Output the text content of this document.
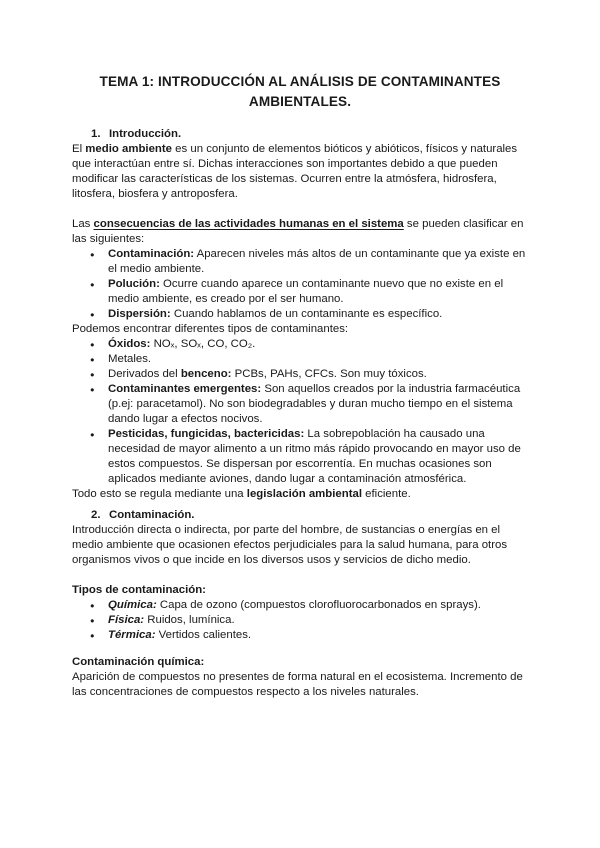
TEMA 1: INTRODUCCIÓN AL ANÁLISIS DE CONTAMINANTES AMBIENTALES.
1. Introducción.

El medio ambiente es un conjunto de elementos bióticos y abióticos, físicos y naturales que interactúan entre sí. Dichas interacciones son importantes debido a que pueden modificar las características de los sistemas. Ocurren entre la atmósfera, hidrosfera, litosfera, biosfera y antroposfera.

Las consecuencias de las actividades humanas en el sistema se pueden clasificar en las siguientes:

● Contaminación: Aparecen niveles más altos de un contaminante que ya existe en el medio ambiente.
● Polución: Ocurre cuando aparece un contaminante nuevo que no existe en el medio ambiente, es creado por el ser humano.
● Dispersión: Cuando hablamos de un contaminante es específico.

Podemos encontrar diferentes tipos de contaminantes:

● Óxidos: NOₓ, SOₓ, CO, CO₂.
● Metales.
● Derivados del benceno: PCBs, PAHs, CFCs. Son muy tóxicos.
● Contaminantes emergentes: Son aquellos creados por la industria farmacéutica (p.ej: paracetamol). No son biodegradables y duran mucho tiempo en el sistema dando lugar a efectos nocivos.
● Pesticidas, fungicidas, bactericidas: La sobrepoblación ha causado una necesidad de mayor alimento a un ritmo más rápido provocando en mayor uso de estos compuestos. Se dispersan por escorrentía. En muchas ocasiones son aplicados mediante aviones, dando lugar a contaminación atmosférica.

Todo esto se regula mediante una legislación ambiental eficiente.

2. Contaminación.

Introducción directa o indirecta, por parte del hombre, de sustancias o energías en el medio ambiente que ocasionen efectos perjudiciales para la salud humana, para otros organismos vivos o que incide en los diversos usos y servicios de dicho medio.

Tipos de contaminación:

● Química: Capa de ozono (compuestos clorofluorocarbonados en sprays).
● Física: Ruidos, lumínica.
● Térmica: Vertidos calientes.

Contaminación química:

Aparición de compuestos no presentes de forma natural en el ecosistema. Incremento de las concentraciones de compuestos respecto a los niveles naturales.
